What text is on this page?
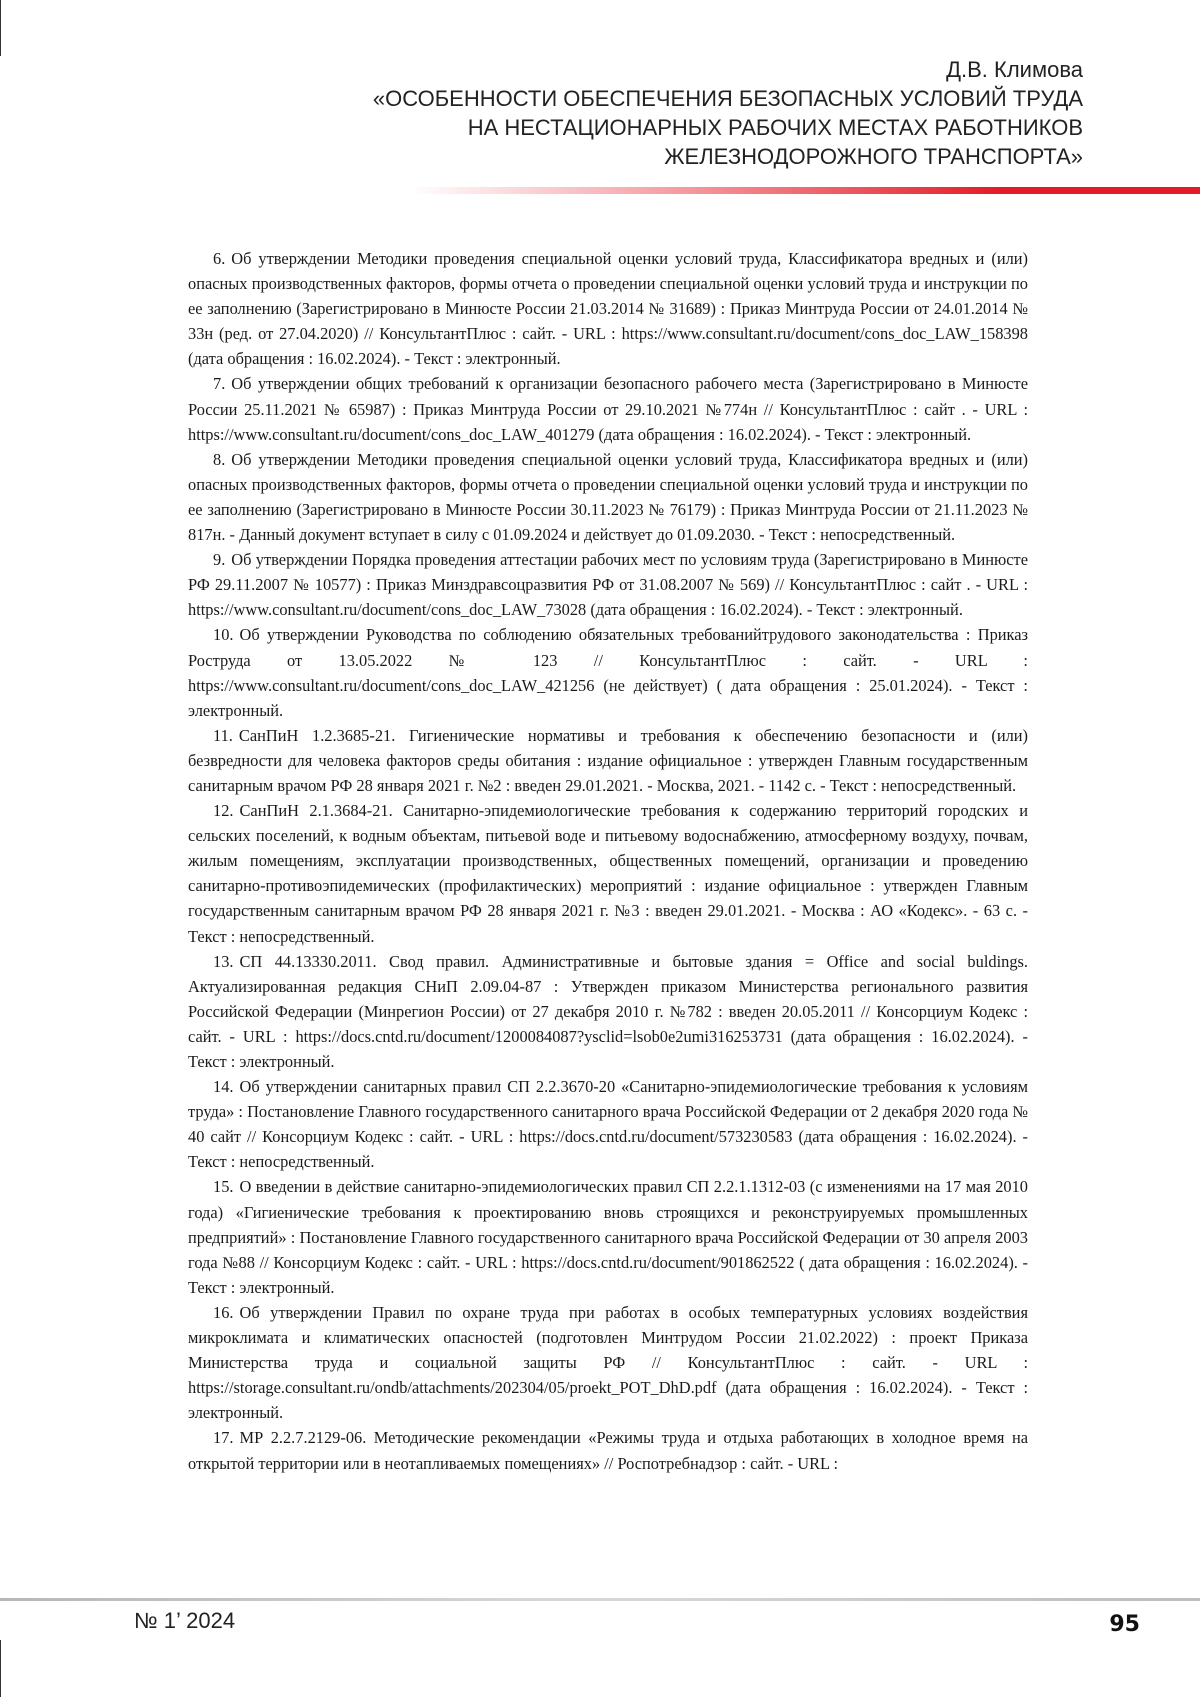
Д.В. Климова
«ОСОБЕННОСТИ ОБЕСПЕЧЕНИЯ БЕЗОПАСНЫХ УСЛОВИЙ ТРУДА
НА НЕСТАЦИОНАРНЫХ РАБОЧИХ МЕСТАХ РАБОТНИКОВ
ЖЕЛЕЗНОДОРОЖНОГО ТРАНСПОРТА»
6. Об утверждении Методики проведения специальной оценки условий труда, Классификатора вредных и (или) опасных производственных факторов, формы отчета о проведении специальной оценки условий труда и инструкции по ее заполнению (Зарегистрировано в Минюсте России 21.03.2014 № 31689) : Приказ Минтруда России от 24.01.2014 № 33н (ред. от 27.04.2020) // КонсультантПлюс : сайт. - URL : https://www.consultant.ru/document/cons_doc_LAW_158398 (дата обращения : 16.02.2024). - Текст : электронный.
7. Об утверждении общих требований к организации безопасного рабочего места (Зарегистрировано в Минюсте России 25.11.2021 № 65987) : Приказ Минтруда России от 29.10.2021 №774н // КонсультантПлюс : сайт . - URL : https://www.consultant.ru/document/cons_doc_LAW_401279 (дата обращения : 16.02.2024). - Текст : электронный.
8. Об утверждении Методики проведения специальной оценки условий труда, Классификатора вредных и (или) опасных производственных факторов, формы отчета о проведении специальной оценки условий труда и инструкции по ее заполнению (Зарегистрировано в Минюсте России 30.11.2023 № 76179) : Приказ Минтруда России от 21.11.2023 № 817н. - Данный документ вступает в силу с 01.09.2024 и действует до 01.09.2030. - Текст : непосредственный.
9. Об утверждении Порядка проведения аттестации рабочих мест по условиям труда (Зарегистрировано в Минюсте РФ 29.11.2007 № 10577) : Приказ Минздравсоцразвития РФ от 31.08.2007 № 569) // КонсультантПлюс : сайт . - URL : https://www.consultant.ru/document/cons_doc_LAW_73028 (дата обращения : 16.02.2024). - Текст : электронный.
10. Об утверждении Руководства по соблюдению обязательных требованийтрудового законодательства : Приказ Роструда от 13.05.2022 № 123 // КонсультантПлюс : сайт. - URL : https://www.consultant.ru/document/cons_doc_LAW_421256 (не действует) ( дата обращения : 25.01.2024). - Текст : электронный.
11. СанПиН 1.2.3685-21. Гигиенические нормативы и требования к обеспечению безопасности и (или) безвредности для человека факторов среды обитания : издание официальное : утвержден Главным государственным санитарным врачом РФ 28 января 2021 г. №2 : введен 29.01.2021. - Москва, 2021. - 1142 с. - Текст : непосредственный.
12. СанПиН 2.1.3684-21. Санитарно-эпидемиологические требования к содержанию территорий городских и сельских поселений, к водным объектам, питьевой воде и питьевому водоснабжению, атмосферному воздуху, почвам, жилым помещениям, эксплуатации производственных, общественных помещений, организации и проведению санитарно-противоэпидемических (профилактических) мероприятий : издание официальное : утвержден Главным государственным санитарным врачом РФ 28 января 2021 г. №3 : введен 29.01.2021. - Москва : АО «Кодекс». - 63 с. - Текст : непосредственный.
13. СП 44.13330.2011. Свод правил. Административные и бытовые здания = Office and social buldings. Актуализированная редакция СНиП 2.09.04-87 : Утвержден приказом Министерства регионального развития Российской Федерации (Минрегион России) от 27 декабря 2010 г. №782 : введен 20.05.2011 // Консорциум Кодекс : сайт. - URL : https://docs.cntd.ru/document/1200084087?ysclid=lsob0e2umi316253731 (дата обращения : 16.02.2024). - Текст : электронный.
14. Об утверждении санитарных правил СП 2.2.3670-20 «Санитарно-эпидемиологические требования к условиям труда» : Постановление Главного государственного санитарного врача Российской Федерации от 2 декабря 2020 года № 40 сайт // Консорциум Кодекс : сайт. - URL : https://docs.cntd.ru/document/573230583 (дата обращения : 16.02.2024). - Текст : непосредственный.
15. О введении в действие санитарно-эпидемиологических правил СП 2.2.1.1312-03 (с изменениями на 17 мая 2010 года) «Гигиенические требования к проектированию вновь строящихся и реконструируемых промышленных предприятий» : Постановление Главного государственного санитарного врача Российской Федерации от 30 апреля 2003 года №88 // Консорциум Кодекс : сайт. - URL : https://docs.cntd.ru/document/901862522 ( дата обращения : 16.02.2024). - Текст : электронный.
16. Об утверждении Правил по охране труда при работах в особых температурных условиях воздействия микроклимата и климатических опасностей (подготовлен Минтрудом России 21.02.2022) : проект Приказа Министерства труда и социальной защиты РФ // КонсультантПлюс : сайт. - URL : https://storage.consultant.ru/ondb/attachments/202304/05/proekt_POT_DhD.pdf (дата обращения : 16.02.2024). - Текст : электронный.
17. МР 2.2.7.2129-06. Методические рекомендации «Режимы труда и отдыха работающих в холодное время на открытой территории или в неотапливаемых помещениях» // Роспотребнадзор : сайт. - URL :
№ 1’ 2024	95
